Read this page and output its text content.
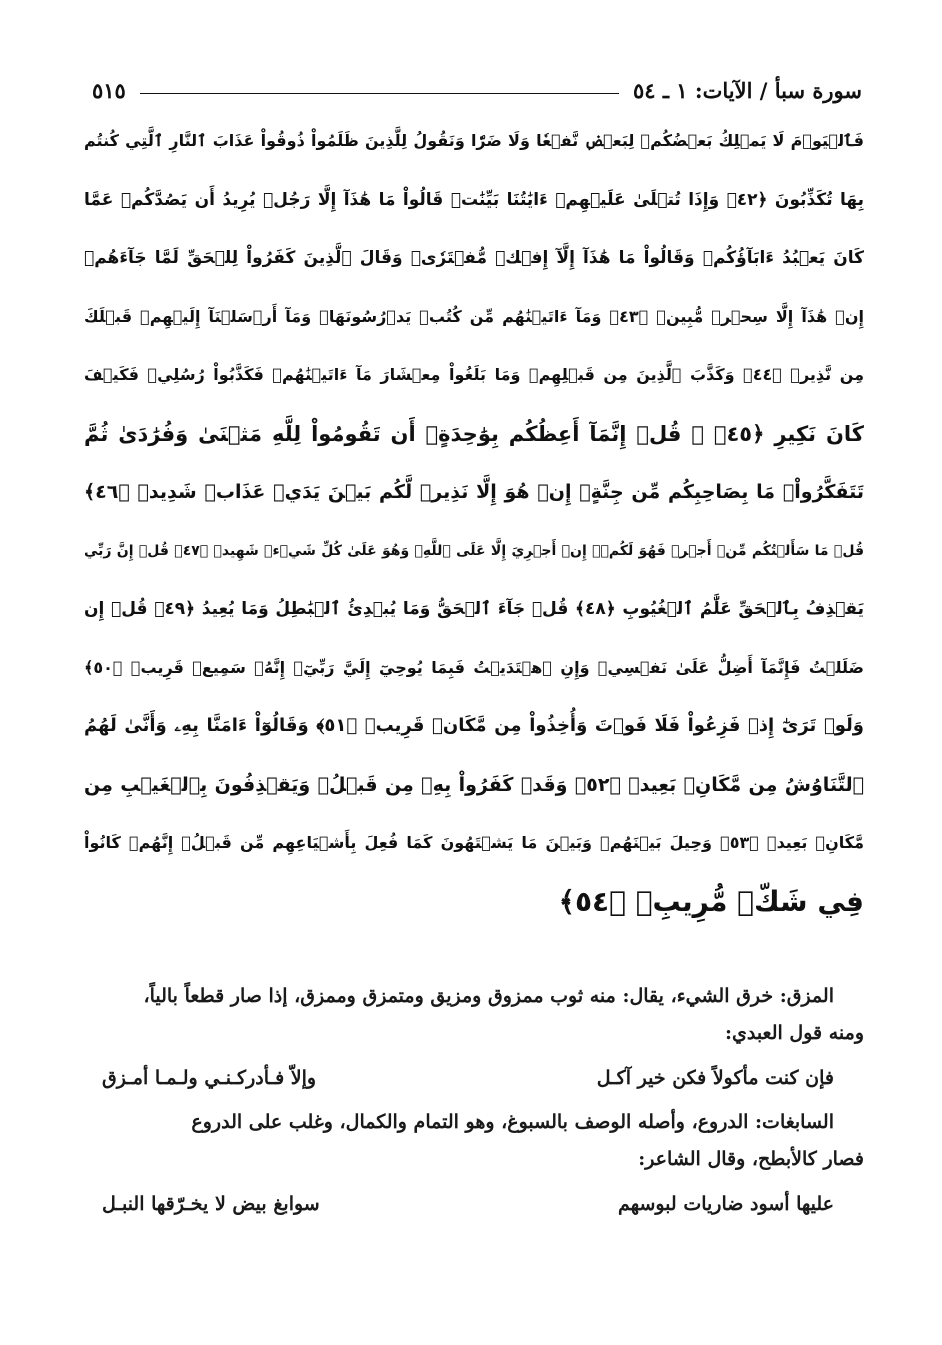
سورة سبأ / الآيات: ١ ـ ٥٤
٥١٥
فَٱلۡيَوۡمَ لَا يَمۡلِكُ بَعۡضُكُمۡ لِبَعۡضٖ نَّفۡعٗا وَلَا ضَرّٗا وَنَقُولُ لِلَّذِينَ ظَلَمُواْ ذُوقُواْ عَذَابَ ٱلنَّارِ ٱلَّتِي كُنتُم
بِهَا تُكَذِّبُونَ ﴿٤٢﴾ وَإِذَا تُتۡلَىٰ عَلَيۡهِمۡ ءَايَٰتُنَا بَيِّنَٰتٖ قَالُواْ مَا هَٰذَآ إِلَّا رَجُلٞ يُرِيدُ أَن يَصُدَّكُمۡ عَمَّا
كَانَ يَعۡبُدُ ءَابَآؤُكُمۡ وَقَالُواْ مَا هَٰذَآ إِلَّآ إِفۡكٞ مُّفۡتَرٗىۚ وَقَالَ ٱلَّذِينَ كَفَرُواْ لِلۡحَقِّ لَمَّا جَآءَهُمۡ
إِنۡ هَٰذَآ إِلَّا سِحۡرٞ مُّبِينٞ ﴿٤٣﴾ وَمَآ ءَاتَيۡنَٰهُم مِّن كُتُبٖ يَدۡرُسُونَهَاۖ وَمَآ أَرۡسَلۡنَآ إِلَيۡهِمۡ قَبۡلَكَ
مِن نَّذِيرٖ ﴿٤٤﴾ وَكَذَّبَ ٱلَّذِينَ مِن قَبۡلِهِمۡ وَمَا بَلَغُواْ مِعۡشَارَ مَآ ءَاتَيۡنَٰهُمۡ فَكَذَّبُواْ رُسُلِيۖ فَكَيۡفَ
كَانَ نَكِيرِ ﴿٤٥﴾ ۞ قُلۡ إِنَّمَآ أَعِظُكُم بِوَٰحِدَةٍۖ أَن تَقُومُواْ لِلَّهِ مَثۡنَىٰ وَفُرَٰدَىٰ ثُمَّ
تَتَفَكَّرُواْۚ مَا بِصَاحِبِكُم مِّن جِنَّةٍۚ إِنۡ هُوَ إِلَّا نَذِيرٞ لَّكُم بَيۡنَ يَدَيۡ عَذَابٖ شَدِيدٖ ﴿٤٦﴾
قُلۡ مَا سَأَلۡتُكُم مِّنۡ أَجۡرٖ فَهُوَ لَكُمۡۖ إِنۡ أَجۡرِيَ إِلَّا عَلَى ٱللَّهِۖ وَهُوَ عَلَىٰ كُلِّ شَيۡءٖ شَهِيدٞ ﴿٤٧﴾ قُلۡ إِنَّ رَبِّي
يَقۡذِفُ بِٱلۡحَقِّ عَلَّٰمُ ٱلۡغُيُوبِ ﴿٤٨﴾ قُلۡ جَآءَ ٱلۡحَقُّ وَمَا يُبۡدِئُ ٱلۡبَٰطِلُ وَمَا يُعِيدُ ﴿٤٩﴾ قُلۡ إِن
ضَلَلۡتُ فَإِنَّمَآ أَضِلُّ عَلَىٰ نَفۡسِيۖ وَإِنِ ٱهۡتَدَيۡتُ فَبِمَا يُوحِيٓ إِلَيَّ رَبِّيٓۚ إِنَّهُۥ سَمِيعٞ قَرِيبٞ ﴿٥٠﴾
وَلَوۡ تَرَىٰٓ إِذۡ فَزِعُواْ فَلَا فَوۡتَ وَأُخِذُواْ مِن مَّكَانٖ قَرِيبٖ ﴿٥١﴾ وَقَالُوٓاْ ءَامَنَّا بِهِۦ وَأَنَّىٰ لَهُمُ
ٱلتَّنَاوُشُ مِن مَّكَانِۭ بَعِيدٖ ﴿٥٢﴾ وَقَدۡ كَفَرُواْ بِهِۦ مِن قَبۡلُۖ وَيَقۡذِفُونَ بِٱلۡغَيۡبِ مِن
مَّكَانِۭ بَعِيدٖ ﴿٥٣﴾ وَحِيلَ بَيۡنَهُمۡ وَبَيۡنَ مَا يَشۡتَهُونَ كَمَا فُعِلَ بِأَشۡيَاعِهِم مِّن قَبۡلُۚ إِنَّهُمۡ كَانُواْ
فِي شَكّٖ مُّرِيبِۭ ﴿٥٤﴾

المزق: خرق الشيء، يقال: منه ثوب ممزوق ومزيق ومتمزق وممزق، إذا صار قطعاً بالياً،

ومنه قول العبدي:

فإن كنت مأكولاً فكن خير آكـل
وإلاّ فـأدركـنـي ولـمـا أمـزق

السابغات: الدروع، وأصله الوصف بالسبوغ، وهو التمام والكمال، وغلب على الدروع

فصار كالأبطح، وقال الشاعر:

عليها أسود ضاريات لبوسهم
سوابغ بيض لا يخـرّقها النبـل
